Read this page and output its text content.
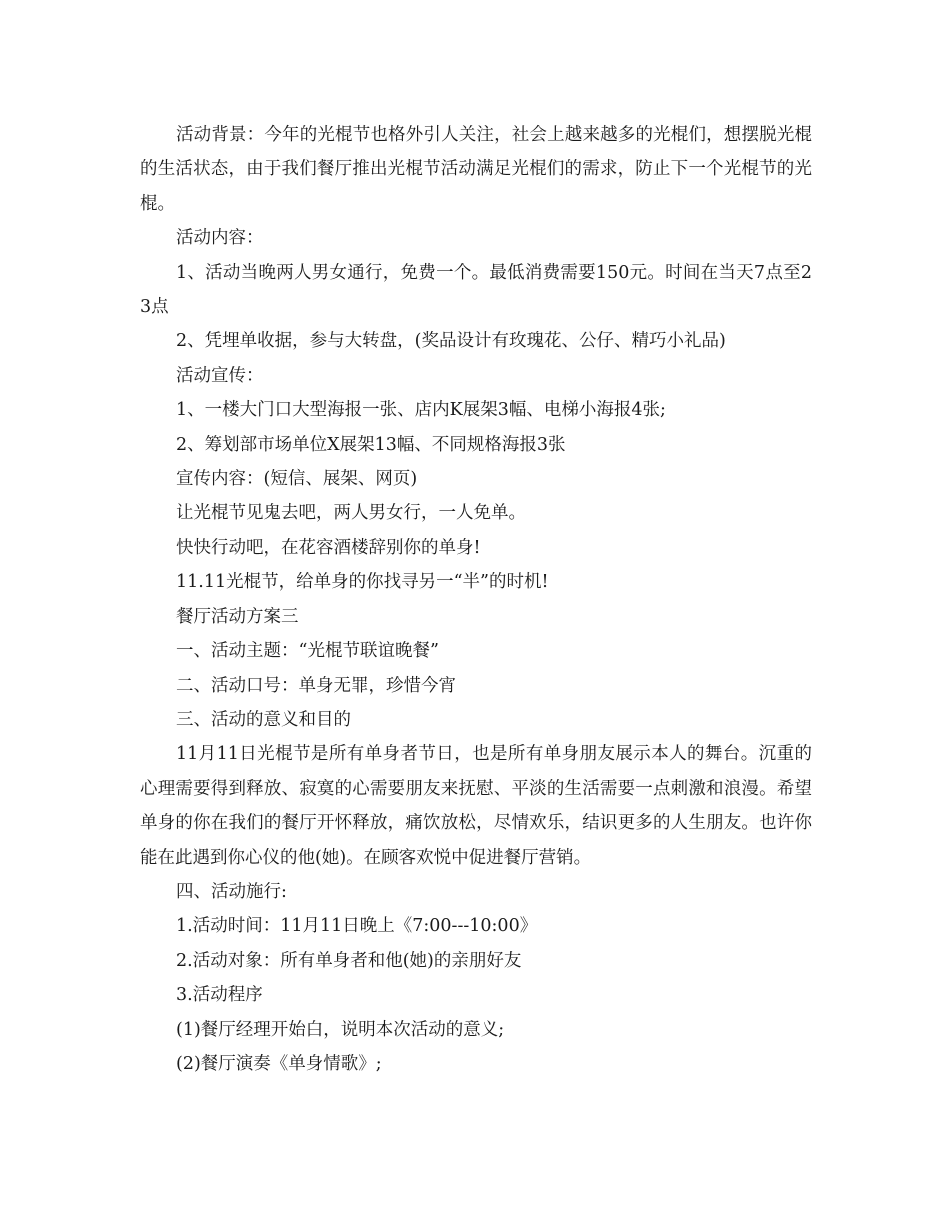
活动背景：今年的光棍节也格外引人关注，社会上越来越多的光棍们，想摆脱光棍的生活状态，由于我们餐厅推出光棍节活动满足光棍们的需求，防止下一个光棍节的光棍。

活动内容：

1、活动当晚两人男女通行，免费一个。最低消费需要150元。时间在当天7点至23点

2、凭埋单收据，参与大转盘，(奖品设计有玫瑰花、公仔、精巧小礼品)

活动宣传：

1、一楼大门口大型海报一张、店内K展架3幅、电梯小海报4张;

2、筹划部市场单位X展架13幅、不同规格海报3张

宣传内容：(短信、展架、网页)

让光棍节见鬼去吧，两人男女行，一人免单。

快快行动吧，在花容酒楼辞别你的单身!

11.11光棍节，给单身的你找寻另一“半”的时机!

餐厅活动方案三

一、活动主题：“光棍节联谊晚餐”

二、活动口号：单身无罪，珍惜今宵

三、活动的意义和目的

11月11日光棍节是所有单身者节日，也是所有单身朋友展示本人的舞台。沉重的心理需要得到释放、寂寞的心需要朋友来抚慰、平淡的生活需要一点刺激和浪漫。希望单身的你在我们的餐厅开怀释放，痛饮放松，尽情欢乐，结识更多的人生朋友。也许你能在此遇到你心仪的他(她)。在顾客欢悦中促进餐厅营销。

四、活动施行:

1.活动时间：11月11日晚上《7:00---10:00》

2.活动对象：所有单身者和他(她)的亲朋好友

3.活动程序

(1)餐厅经理开始白，说明本次活动的意义;

(2)餐厅演奏《单身情歌》;
